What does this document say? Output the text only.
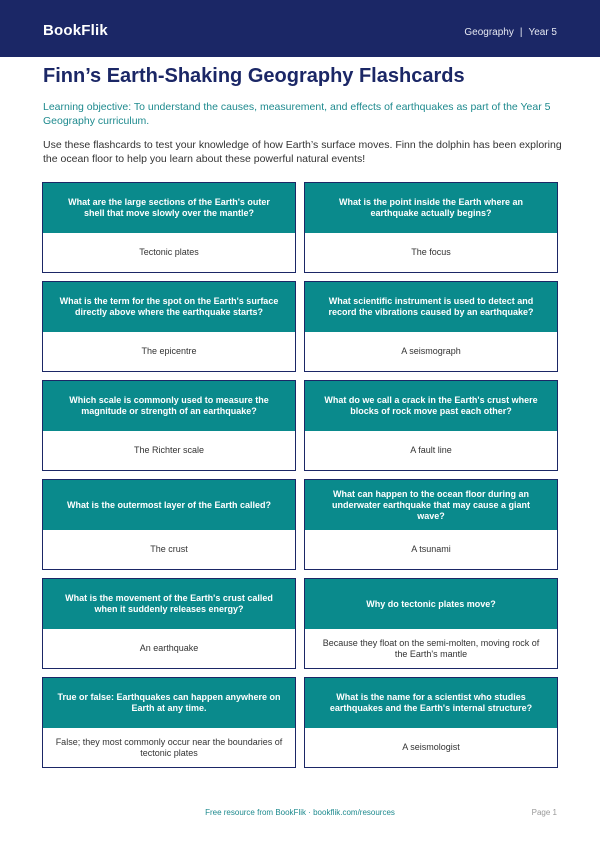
BookFlik	Geography | Year 5
Finn’s Earth-Shaking Geography Flashcards

Learning objective: To understand the causes, measurement, and effects of earthquakes as part of the Year 5 Geography curriculum.

Use these flashcards to test your knowledge of how Earth’s surface moves. Finn the dolphin has been exploring the ocean floor to help you learn about these powerful natural events!

What are the large sections of the Earth's outer shell that move slowly over the mantle?
Tectonic plates
What is the point inside the Earth where an earthquake actually begins?
The focus
What is the term for the spot on the Earth's surface directly above where the earthquake starts?
The epicentre
What scientific instrument is used to detect and record the vibrations caused by an earthquake?
A seismograph
Which scale is commonly used to measure the magnitude or strength of an earthquake?
The Richter scale
What do we call a crack in the Earth's crust where blocks of rock move past each other?
A fault line
What is the outermost layer of the Earth called?
The crust
What can happen to the ocean floor during an underwater earthquake that may cause a giant wave?
A tsunami
What is the movement of the Earth's crust called when it suddenly releases energy?
An earthquake
Why do tectonic plates move?
Because they float on the semi-molten, moving rock of the Earth's mantle
True or false: Earthquakes can happen anywhere on Earth at any time.
False; they most commonly occur near the boundaries of tectonic plates
What is the name for a scientist who studies earthquakes and the Earth's internal structure?
A seismologist
Free resource from BookFlik · bookflik.com/resources	Page 1
